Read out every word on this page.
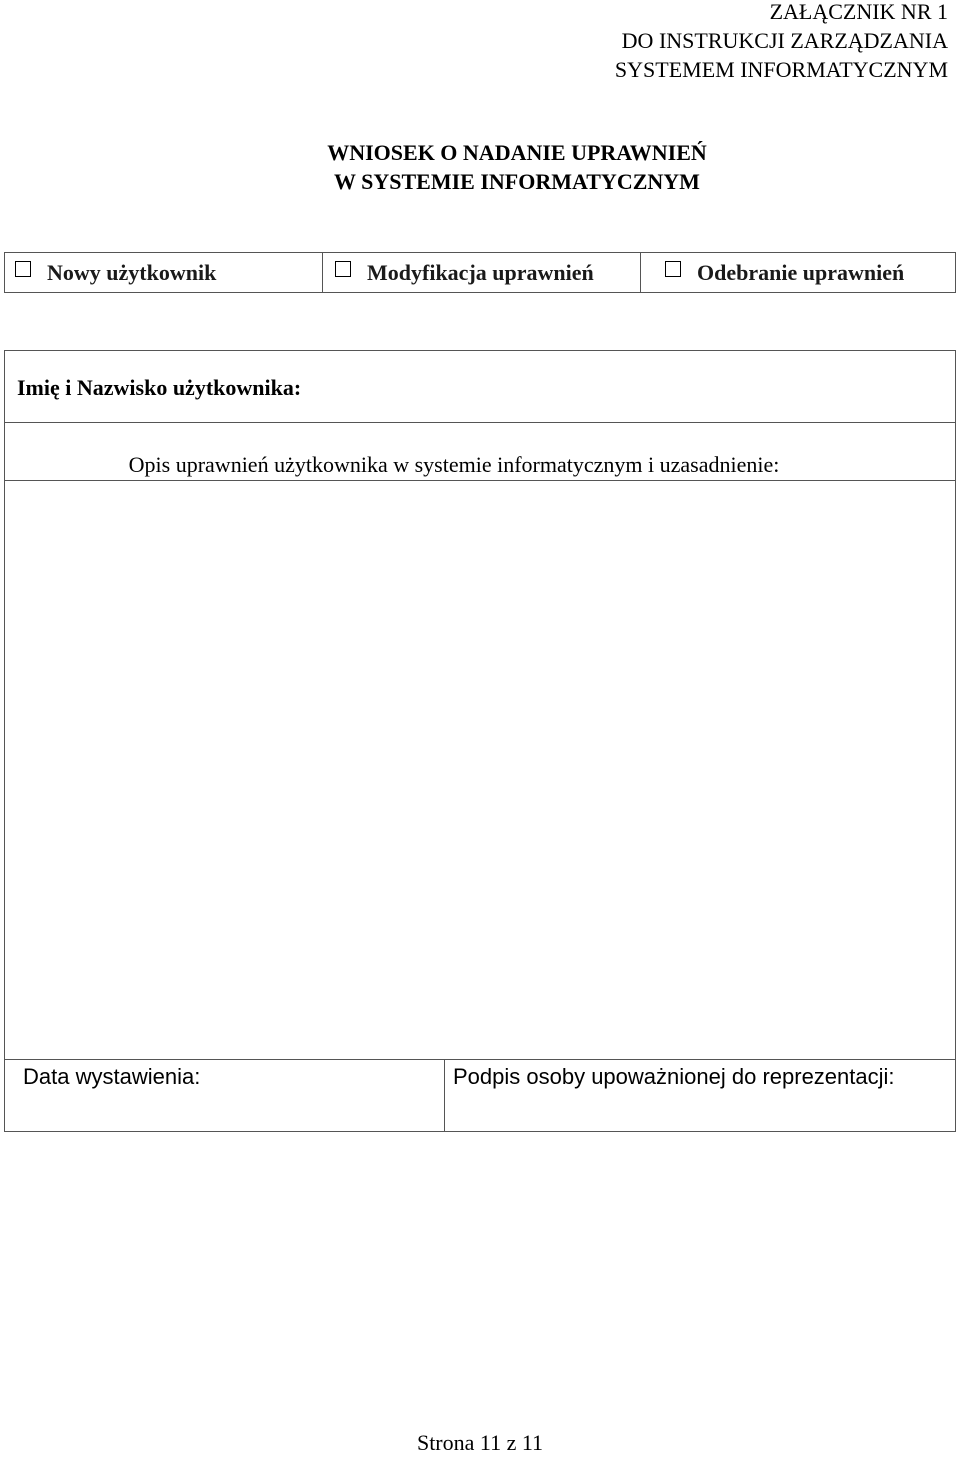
ZAŁĄCZNIK NR 1
DO INSTRUKCJI ZARZĄDZANIA
SYSTEMEM INFORMATYCZNYM
WNIOSEK O NADANIE UPRAWNIEŃ
W SYSTEMIE INFORMATYCZNYM
Nowy użytkownik	Modyfikacja uprawnień	Odebranie uprawnień
Imię i Nazwisko użytkownika:
Opis uprawnień użytkownika w systemie informatycznym i uzasadnienie:
Data wystawienia:	Podpis osoby upoważnionej do reprezentacji:
Strona 11 z 11
